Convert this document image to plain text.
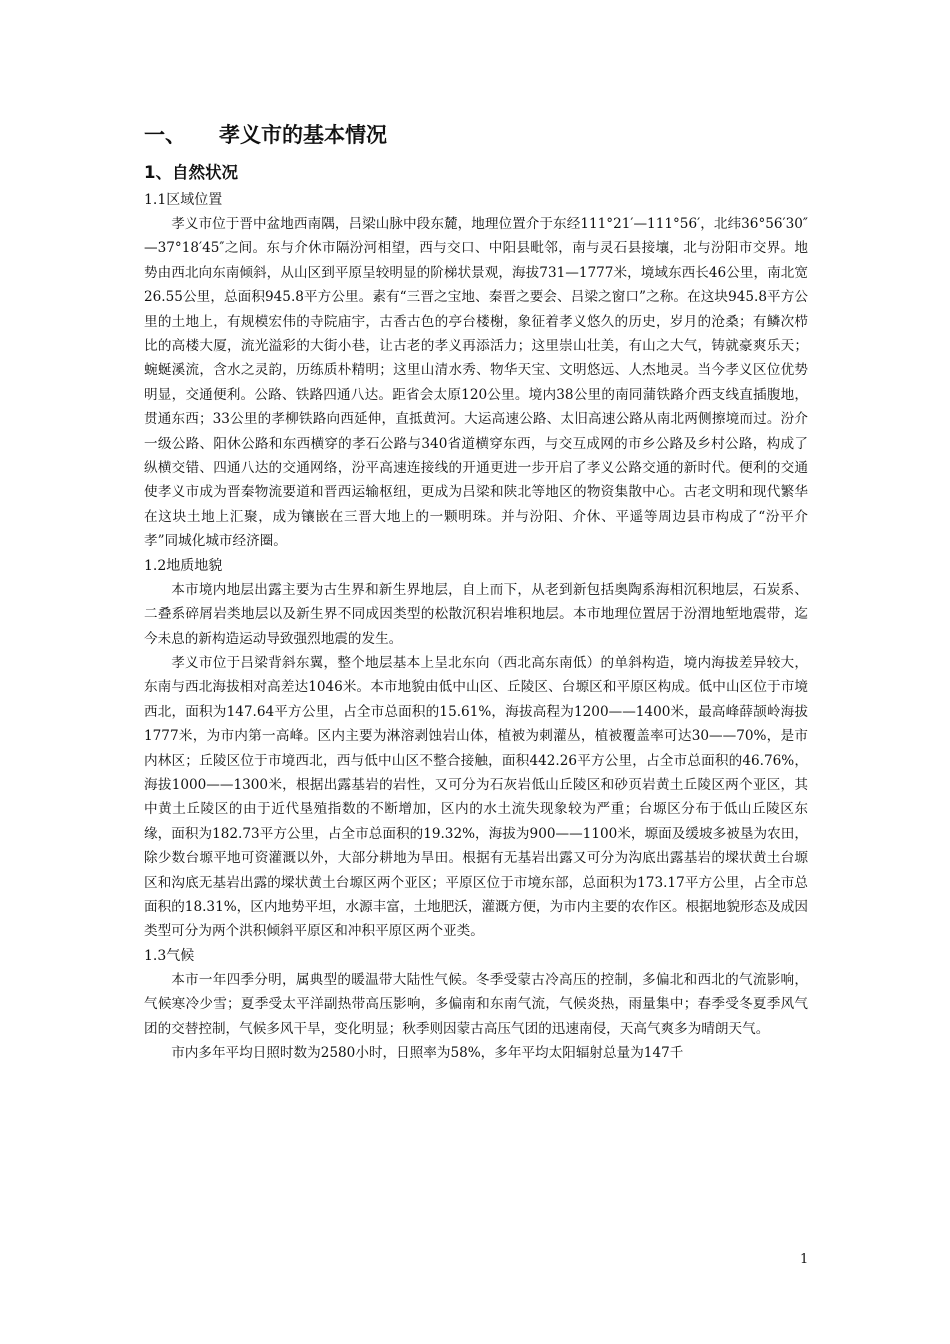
一、	孝义市的基本情况
1、自然状况
1.1区域位置

孝义市位于晋中盆地西南隅，吕梁山脉中段东麓，地理位置介于东经111°21′—111°56′，北纬36°56′30″—37°18′45″之间。东与介休市隔汾河相望，西与交口、中阳县毗邻，南与灵石县接壤，北与汾阳市交界。地势由西北向东南倾斜，从山区到平原呈较明显的阶梯状景观，海拔731—1777米，境域东西长46公里，南北宽26.55公里，总面积945.8平方公里。素有“三晋之宝地、秦晋之要会、吕梁之窗口”之称。在这块945.8平方公里的土地上，有规模宏伟的寺院庙宇，古香古色的亭台楼榭，象征着孝义悠久的历史，岁月的沧桑；有鳞次栉比的高楼大厦，流光溢彩的大街小巷，让古老的孝义再添活力；这里崇山壮美，有山之大气，铸就豪爽乐天；蜿蜒溪流，含水之灵韵，历练质朴精明；这里山清水秀、物华天宝、文明悠远、人杰地灵。当今孝义区位优势明显，交通便利。公路、铁路四通八达。距省会太原120公里。境内38公里的南同蒲铁路介西支线直插腹地，贯通东西；33公里的孝柳铁路向西延伸，直抵黄河。大运高速公路、太旧高速公路从南北两侧擦境而过。汾介一级公路、阳休公路和东西横穿的孝石公路与340省道横穿东西，与交互成网的市乡公路及乡村公路，构成了纵横交错、四通八达的交通网络，汾平高速连接线的开通更进一步开启了孝义公路交通的新时代。便利的交通使孝义市成为晋秦物流要道和晋西运输枢纽，更成为吕梁和陕北等地区的物资集散中心。古老文明和现代繁华在这块土地上汇聚，成为镶嵌在三晋大地上的一颗明珠。并与汾阳、介休、平遥等周边县市构成了“汾平介孝”同城化城市经济圈。

1.2地质地貌

本市境内地层出露主要为古生界和新生界地层，自上而下，从老到新包括奥陶系海相沉积地层，石炭系、二叠系碎屑岩类地层以及新生界不同成因类型的松散沉积岩堆积地层。本市地理位置居于汾渭地堑地震带，迄今未息的新构造运动导致强烈地震的发生。

孝义市位于吕梁背斜东翼，整个地层基本上呈北东向（西北高东南低）的单斜构造，境内海拔差异较大，东南与西北海拔相对高差达1046米。本市地貌由低中山区、丘陵区、台塬区和平原区构成。低中山区位于市境西北，面积为147.64平方公里，占全市总面积的15.61%，海拔高程为1200——1400米，最高峰薛颉岭海拔1777米，为市内第一高峰。区内主要为淋溶剥蚀岩山体，植被为刺灌丛，植被覆盖率可达30——70%，是市内林区；丘陵区位于市境西北，西与低中山区不整合接触，面积442.26平方公里，占全市总面积的46.76%，海拔1000——1300米，根据出露基岩的岩性，又可分为石灰岩低山丘陵区和砂页岩黄土丘陵区两个亚区，其中黄土丘陵区的由于近代垦殖指数的不断增加，区内的水土流失现象较为严重；台塬区分布于低山丘陵区东缘，面积为182.73平方公里，占全市总面积的19.32%，海拔为900——1100米，塬面及缓坡多被垦为农田，除少数台塬平地可资灌溉以外，大部分耕地为旱田。根据有无基岩出露又可分为沟底出露基岩的墚状黄土台塬区和沟底无基岩出露的墚状黄土台塬区两个亚区；平原区位于市境东部，总面积为173.17平方公里，占全市总面积的18.31%，区内地势平坦，水源丰富，土地肥沃，灌溉方便，为市内主要的农作区。根据地貌形态及成因类型可分为两个洪积倾斜平原区和冲积平原区两个亚类。

1.3气候

本市一年四季分明，属典型的暖温带大陆性气候。冬季受蒙古冷高压的控制，多偏北和西北的气流影响，气候寒冷少雪；夏季受太平洋副热带高压影响，多偏南和东南气流，气候炎热，雨量集中；春季受冬夏季风气团的交替控制，气候多风干旱，变化明显；秋季则因蒙古高压气团的迅速南侵，天高气爽多为晴朗天气。

市内多年平均日照时数为2580小时，日照率为58%，多年平均太阳辐射总量为147千

1
